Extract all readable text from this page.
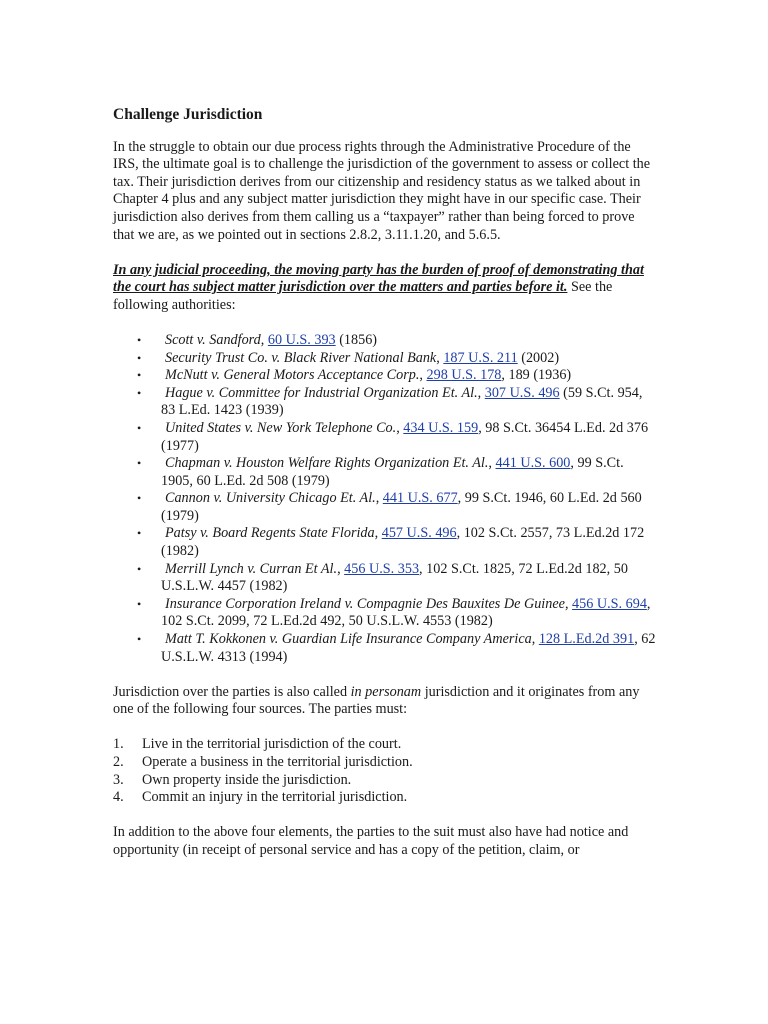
Challenge Jurisdiction

In the struggle to obtain our due process rights through the Administrative Procedure of the IRS, the ultimate goal is to challenge the jurisdiction of the government to assess or collect the tax. Their jurisdiction derives from our citizenship and residency status as we talked about in Chapter 4 plus and any subject matter jurisdiction they might have in our specific case. Their jurisdiction also derives from them calling us a “taxpayer” rather than being forced to prove that we are, as we pointed out in sections 2.8.2, 3.11.1.20, and 5.6.5.

In any judicial proceeding, the moving party has the burden of proof of demonstrating that the court has subject matter jurisdiction over the matters and parties before it. See the following authorities:

• Scott v. Sandford, 60 U.S. 393 (1856)
• Security Trust Co. v. Black River National Bank, 187 U.S. 211 (2002)
• McNutt v. General Motors Acceptance Corp., 298 U.S. 178, 189 (1936)
• Hague v. Committee for Industrial Organization Et. Al., 307 U.S. 496 (59 S.Ct. 954, 83 L.Ed. 1423 (1939)
• United States v. New York Telephone Co., 434 U.S. 159, 98 S.Ct. 36454 L.Ed. 2d 376 (1977)
• Chapman v. Houston Welfare Rights Organization Et. Al., 441 U.S. 600, 99 S.Ct. 1905, 60 L.Ed. 2d 508 (1979)
• Cannon v. University Chicago Et. Al., 441 U.S. 677, 99 S.Ct. 1946, 60 L.Ed. 2d 560 (1979)
• Patsy v. Board Regents State Florida, 457 U.S. 496, 102 S.Ct. 2557, 73 L.Ed.2d 172 (1982)
• Merrill Lynch v. Curran Et Al., 456 U.S. 353, 102 S.Ct. 1825, 72 L.Ed.2d 182, 50 U.S.L.W. 4457 (1982)
• Insurance Corporation Ireland v. Compagnie Des Bauxites De Guinee, 456 U.S. 694, 102 S.Ct. 2099, 72 L.Ed.2d 492, 50 U.S.L.W. 4553 (1982)
• Matt T. Kokkonen v. Guardian Life Insurance Company America, 128 L.Ed.2d 391, 62 U.S.L.W. 4313 (1994)

Jurisdiction over the parties is also called in personam jurisdiction and it originates from any one of the following four sources. The parties must:

1. Live in the territorial jurisdiction of the court.
2. Operate a business in the territorial jurisdiction.
3. Own property inside the jurisdiction.
4. Commit an injury in the territorial jurisdiction.

In addition to the above four elements, the parties to the suit must also have had notice and opportunity (in receipt of personal service and has a copy of the petition, claim, or
